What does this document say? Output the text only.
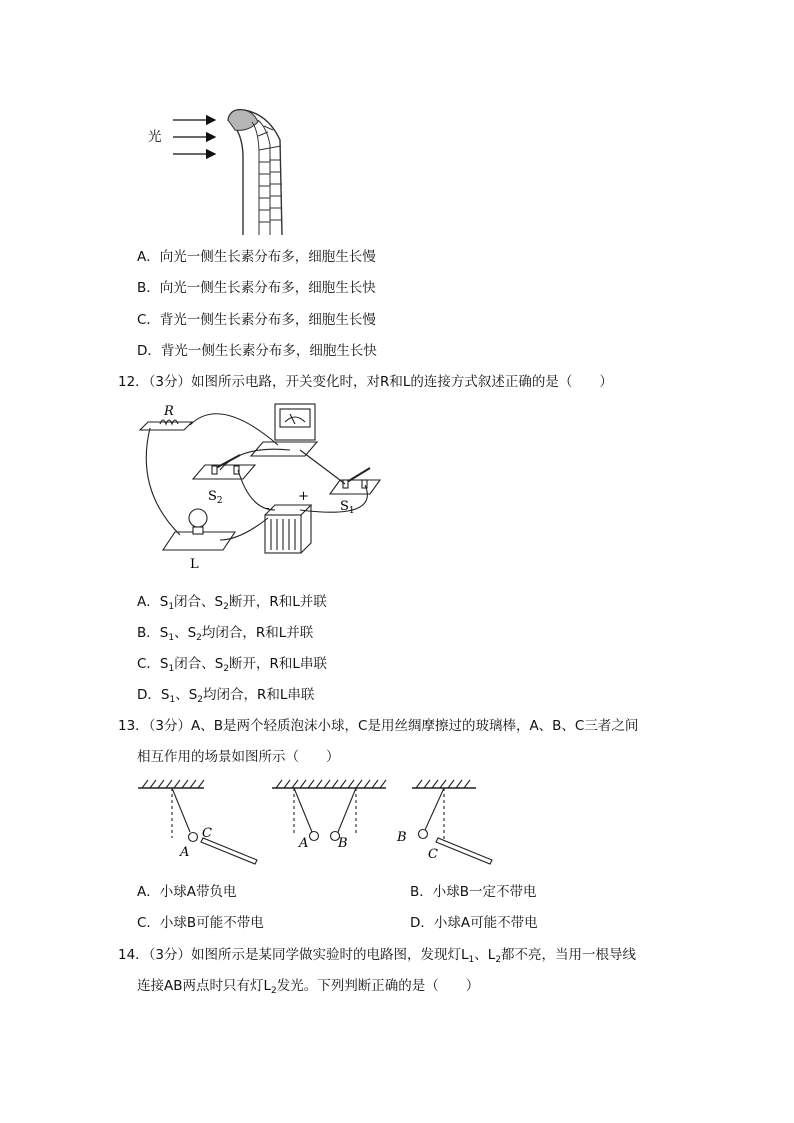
光
A．向光一侧生长素分布多，细胞生长慢
B．向光一侧生长素分布多，细胞生长快
C．背光一侧生长素分布多，细胞生长慢
D．背光一侧生长素分布多，细胞生长快
12．（3分）如图所示电路，开关变化时，对R和L的连接方式叙述正确的是（　　）
R
$S_2$	$S_1$
L
-
+
A．$S_1$闭合、$S_2$断开，R和L并联
B．$S_1$、$S_2$均闭合，R和L并联
C．$S_1$闭合、$S_2$断开，R和L串联
D．$S_1$、$S_2$均闭合，R和L串联
13．（3分）A、B是两个轻质泡沫小球，C是用丝绸摩擦过的玻璃棒，A、B、C三者之间
相互作用的场景如图所示（　　）
C
A
A B	B
C
A．小球A带负电	B．小球B一定不带电
C．小球B可能不带电	D．小球A可能不带电
14．（3分）如图所示是某同学做实验时的电路图，发现灯$L_1$、$L_2$都不亮，当用一根导线
连接AB两点时只有灯$L_2$发光。下列判断正确的是（　　）
